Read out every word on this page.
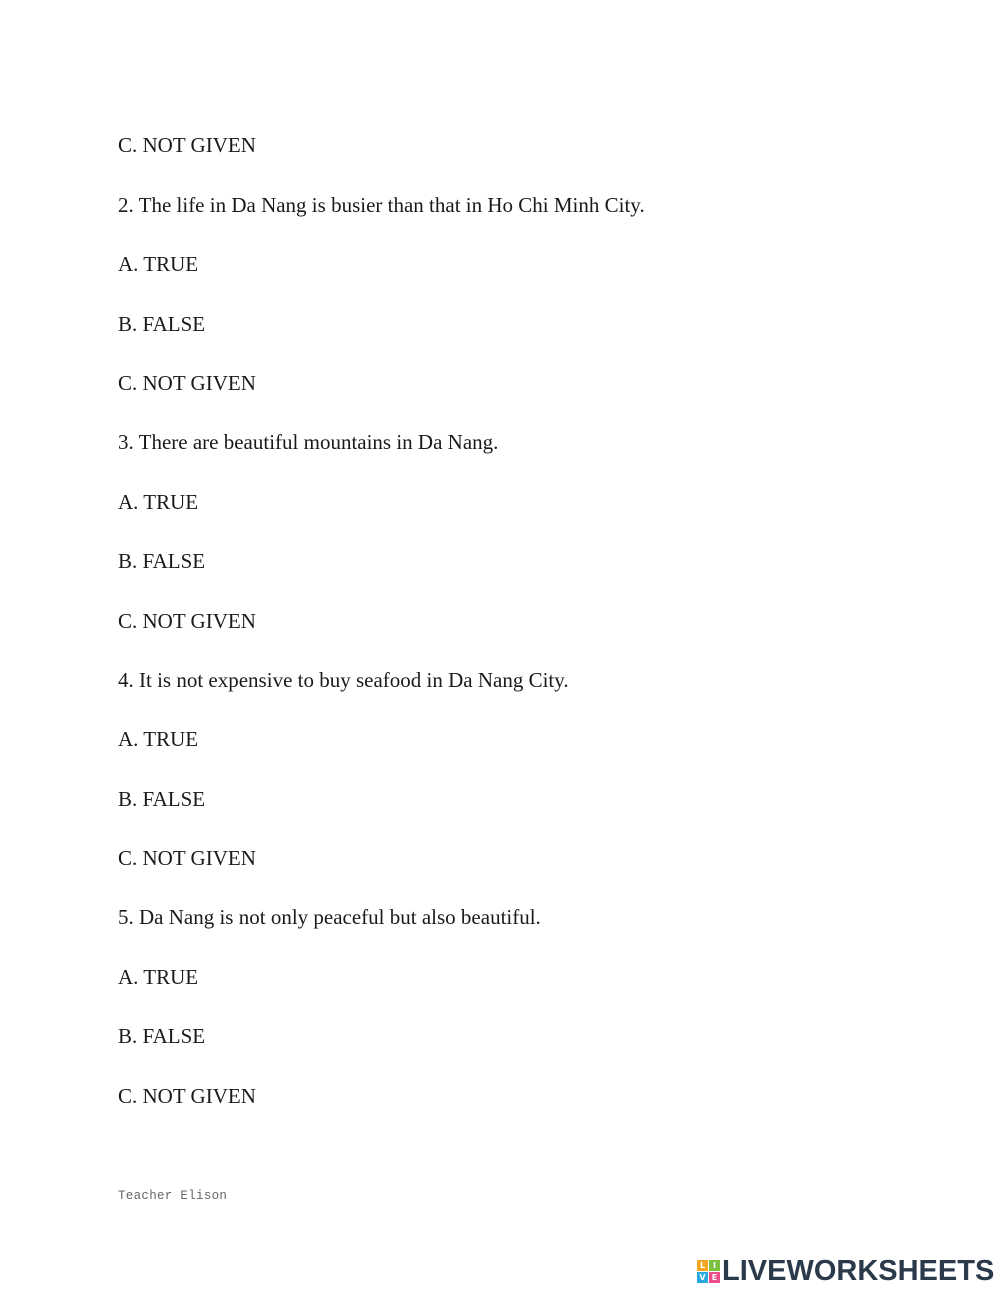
C. NOT GIVEN
2. The life in Da Nang is busier than that in Ho Chi Minh City.
A. TRUE
B. FALSE
C. NOT GIVEN
3. There are beautiful mountains in Da Nang.
A. TRUE
B. FALSE
C. NOT GIVEN
4. It is not expensive to buy seafood in Da Nang City.
A. TRUE
B. FALSE
C. NOT GIVEN
5. Da Nang is not only peaceful but also beautiful.
A. TRUE
B. FALSE
C. NOT GIVEN
Teacher Elison
L I
V E LIVEWORKSHEETS
